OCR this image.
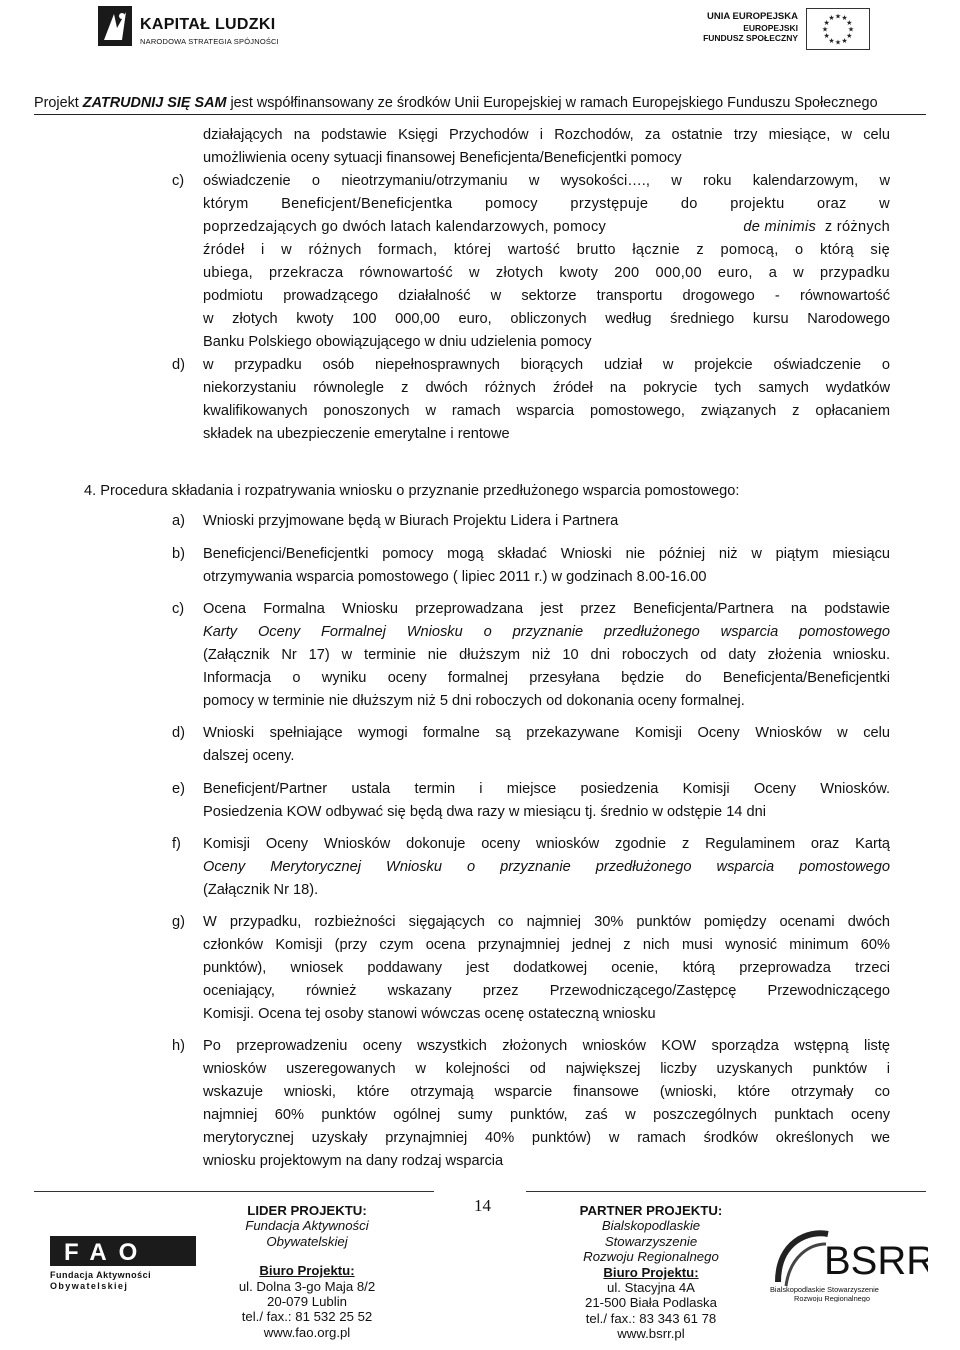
KAPITAŁ LUDZKI
NARODOWA STRATEGIA SPÓJNOŚCI
UNIA EUROPEJSKA
EUROPEJSKI
FUNDUSZ SPOŁECZNY
★ ★
★
★
★
★
★
★
★
★
★
★
Projekt ZATRUDNIJ SIĘ SAM jest współfinansowany ze środków Unii Europejskiej w ramach Europejskiego Funduszu Społecznego
działających na podstawie Księgi Przychodów i Rozchodów, za ostatnie trzy miesiące, w celu
umożliwienia oceny sytuacji finansowej Beneficjenta/Beneficjentki pomocy
c) oświadczenie o nieotrzymaniu/otrzymaniu w wysokości…., w roku kalendarzowym, w
którym Beneficjent/Beneficjentka pomocy przystępuje do projektu oraz w
poprzedzających go dwóch latach kalendarzowych, pomocy	de minimis z różnych
źródeł i w różnych formach, której wartość brutto łącznie z pomocą, o którą się
ubiega, przekracza równowartość w złotych kwoty 200 000,00 euro, a w przypadku
podmiotu prowadzącego działalność w sektorze transportu drogowego - równowartość
w złotych kwoty 100 000,00 euro, obliczonych według średniego kursu Narodowego
Banku Polskiego obowiązującego w dniu udzielenia pomocy
d) w przypadku osób niepełnosprawnych biorących udział w projekcie oświadczenie o
niekorzystaniu równolegle z dwóch różnych źródeł na pokrycie tych samych wydatków
kwalifikowanych ponoszonych w ramach wsparcia pomostowego, związanych z opłacaniem
składek na ubezpieczenie emerytalne i rentowe
4. Procedura składania i rozpatrywania wniosku o przyznanie przedłużonego wsparcia pomostowego:
a) Wnioski przyjmowane będą w Biurach Projektu Lidera i Partnera
b) Beneficjenci/Beneficjentki pomocy mogą składać Wnioski nie później niż w piątym miesiącu
otrzymywania wsparcia pomostowego ( lipiec 2011 r.) w godzinach 8.00-16.00
c) Ocena Formalna Wniosku przeprowadzana jest przez Beneficjenta/Partnera na podstawie
Karty Oceny Formalnej Wniosku o przyznanie przedłużonego wsparcia pomostowego
(Załącznik Nr 17) w terminie nie dłuższym niż 10 dni roboczych od daty złożenia wniosku.
Informacja o wyniku oceny formalnej przesyłana będzie do Beneficjenta/Beneficjentki
pomocy w terminie nie dłuższym niż 5 dni roboczych od dokonania oceny formalnej.
d) Wnioski spełniające wymogi formalne są przekazywane Komisji Oceny Wniosków w celu
dalszej oceny.
e) Beneficjent/Partner ustala termin i miejsce posiedzenia Komisji Oceny Wniosków.
Posiedzenia KOW odbywać się będą dwa razy w miesiącu tj. średnio w odstępie 14 dni
f) Komisji Oceny Wniosków dokonuje oceny wniosków zgodnie z Regulaminem oraz Kartą
Oceny Merytorycznej Wniosku o przyznanie przedłużonego wsparcia pomostowego
(Załącznik Nr 18).
g) W przypadku, rozbieżności sięgających co najmniej 30% punktów pomiędzy ocenami dwóch
członków Komisji (przy czym ocena przynajmniej jednej z nich musi wynosić minimum 60%
punktów), wniosek poddawany jest dodatkowej ocenie, którą przeprowadza trzeci
oceniający, również wskazany przez Przewodniczącego/Zastępcę Przewodniczącego
Komisji. Ocena tej osoby stanowi wówczas ocenę ostateczną wniosku
h) Po przeprowadzeniu oceny wszystkich złożonych wniosków KOW sporządza wstępną listę
wniosków uszeregowanych w kolejności od największej liczby uzyskanych punktów i
wskazuje wnioski, które otrzymają wsparcie finansowe (wnioski, które otrzymały co
najmniej 60% punktów ogólnej sumy punktów, zaś w poszczególnych punktach oceny
merytorycznej uzyskały przynajmniej 40% punktów) w ramach środków określonych we
wniosku projektowym na dany rodzaj wsparcia
14
FAO
Fundacja Aktywności
Obywatelskiej
LIDER PROJEKTU:
Fundacja Aktywności
Obywatelskiej
Biuro Projektu:
ul. Dolna 3-go Maja 8/2
20-079 Lublin
tel./ fax.: 81 532 25 52
www.fao.org.pl
PARTNER PROJEKTU:
Bialskopodlaskie
Stowarzyszenie
Rozwoju Regionalnego
Biuro Projektu:
ul. Stacyjna 4A
21-500 Biała Podlaska
tel./ fax.: 83 343 61 78
www.bsrr.pl
BSRR
Bialskopodlaskie Stowarzyszenie
Rozwoju Regionalnego
